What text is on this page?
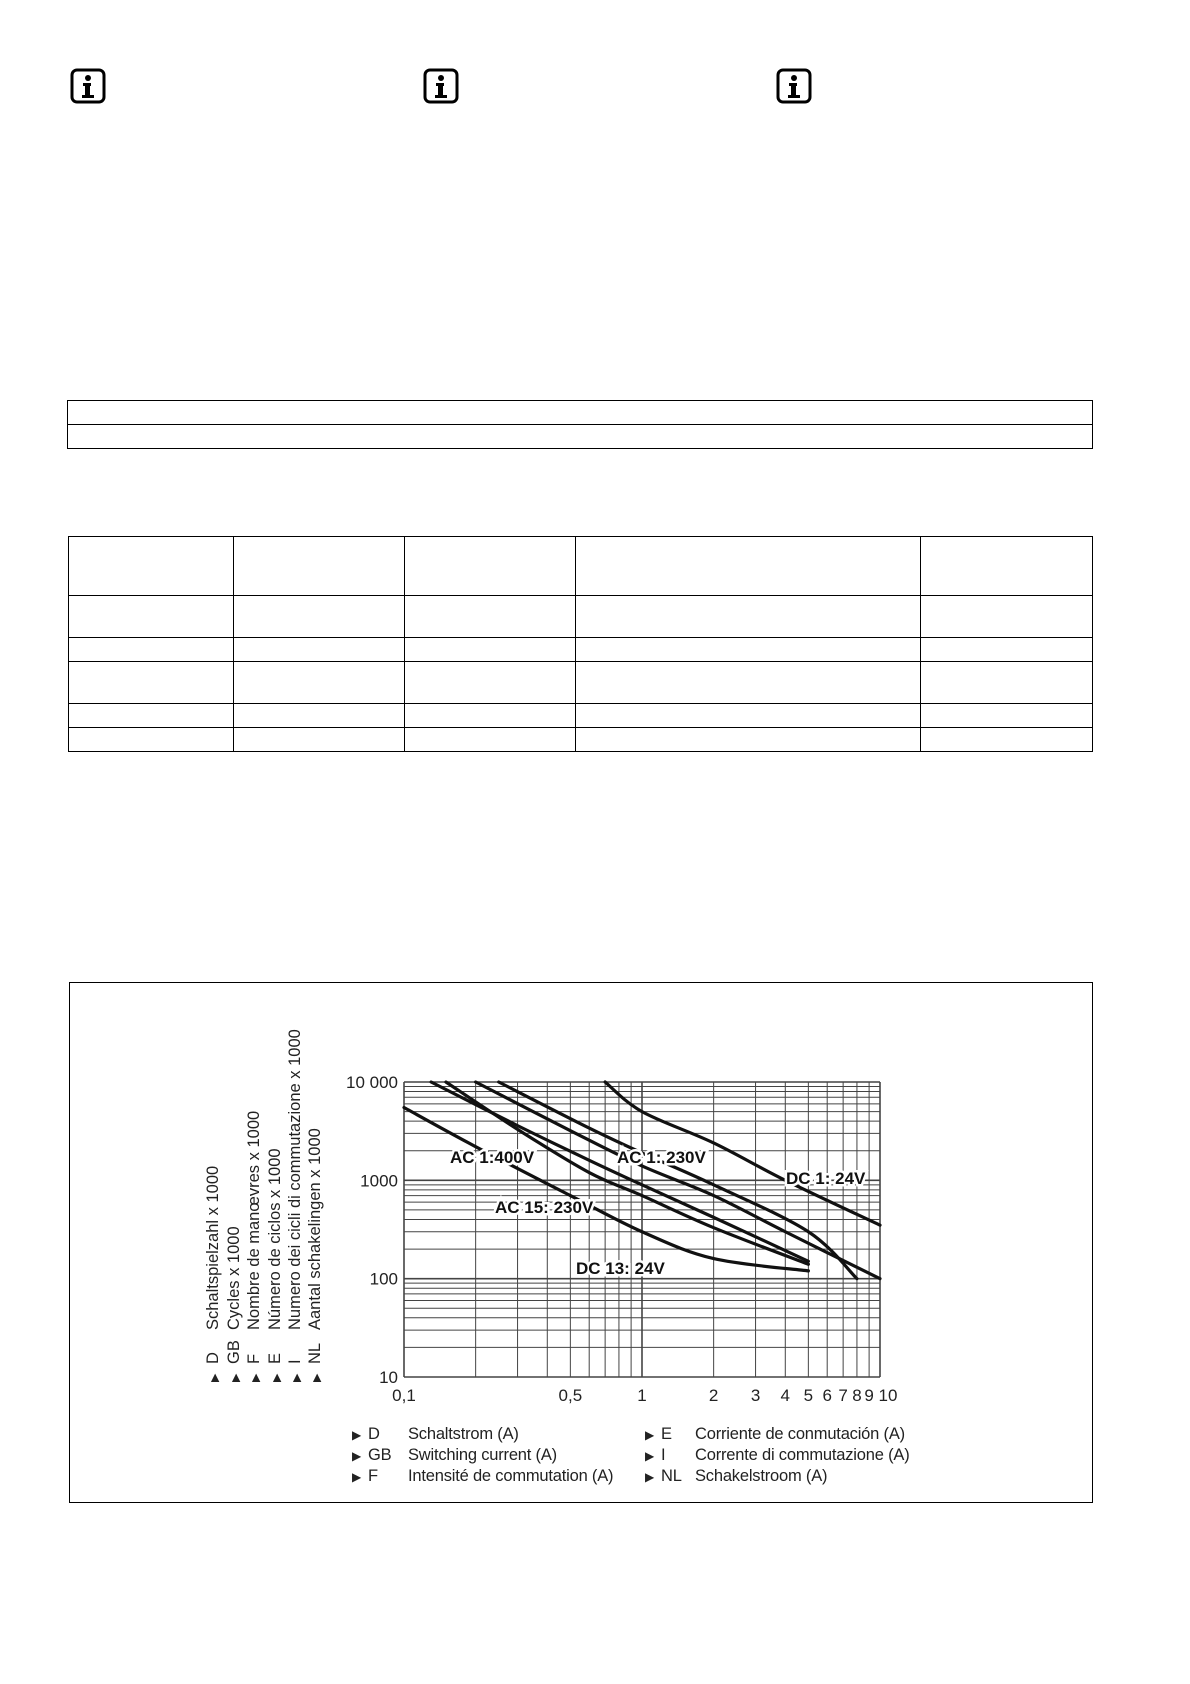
10
100
1000
10 000
0,1	0,5	1	2 3 4 5 6 7 8 9 10
AC 1:400V	AC 1: 230V
DC 1: 24V
AC 15: 230V
DC 13: 24V
▶
D
Schaltspielzahl x 1000
▶
GB
Cycles x 1000
▶
F
Nombre de manœvres x 1000
▶
E
Número de ciclos x 1000
▶
I
Numero dei cicli di commutazione x 1000
▶
NL
Aantal schakelingen x 1000
▶ D Schaltstrom (A)
▶ GB Switching current (A)
▶ F Intensité de commutation (A)
▶ E Corriente de conmutación (A)
▶ I Corrente di commutazione (A)
▶ NL Schakelstroom (A)
